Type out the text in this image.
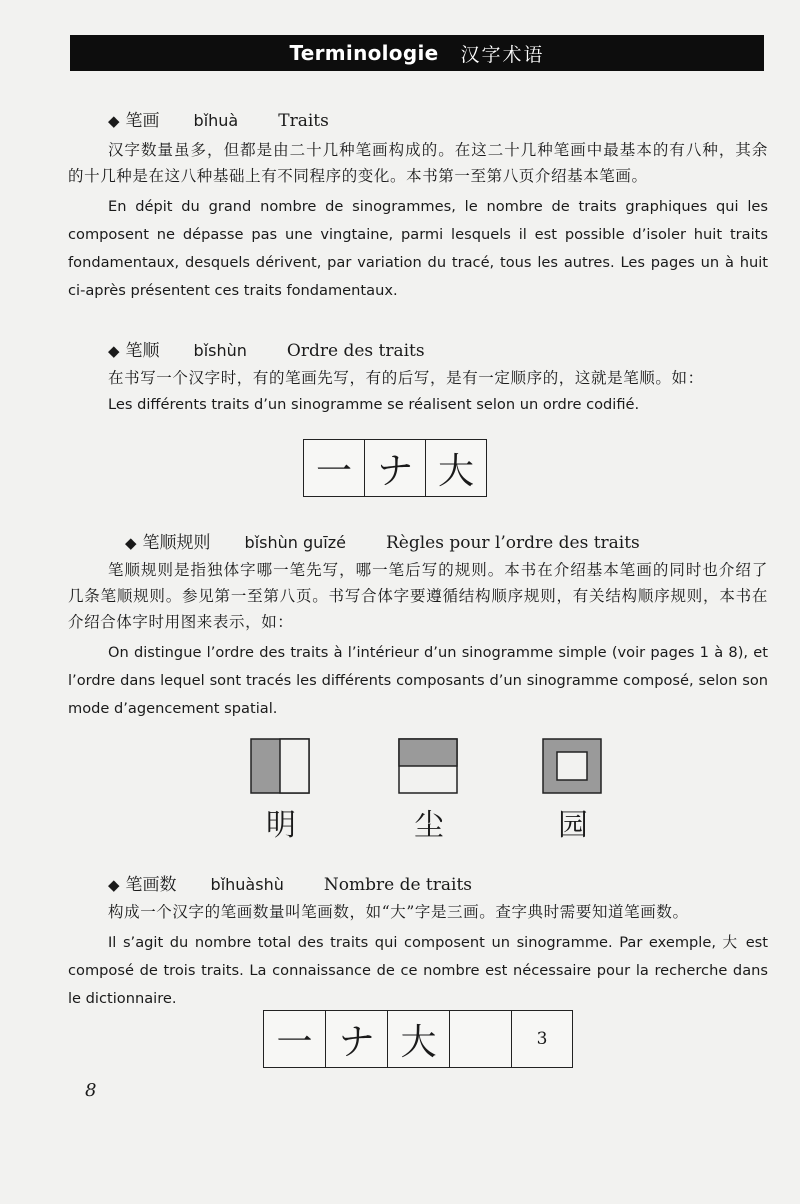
Terminologie 汉字术语
◆ 笔画 bǐhuà Traits

汉字数量虽多，但都是由二十几种笔画构成的。在这二十几种笔画中最基本的有八种，其余的十几种是在这八种基础上有不同程序的变化。本书第一至第八页介绍基本笔画。

En dépit du grand nombre de sinogrammes, le nombre de traits graphiques qui les composent ne dépasse pas une vingtaine, parmi lesquels il est possible d’isoler huit traits fondamentaux, desquels dérivent, par variation du tracé, tous les autres. Les pages un à huit ci-après présentent ces traits fondamentaux.

◆ 笔顺 bǐshùn Ordre des traits

在书写一个汉字时，有的笔画先写，有的后写，是有一定顺序的，这就是笔顺。如：

Les différents traits d’un sinogramme se réalisent selon un ordre codifié.

一 ナ 大
◆ 笔顺规则 bǐshùn guīzé Règles pour l’ordre des traits

笔顺规则是指独体字哪一笔先写，哪一笔后写的规则。本书在介绍基本笔画的同时也介绍了几条笔顺规则。参见第一至第八页。书写合体字要遵循结构顺序规则，有关结构顺序规则，本书在介绍合体字时用图来表示，如：

On distingue l’ordre des traits à l’intérieur d’un sinogramme simple (voir pages 1 à 8), et l’ordre dans lequel sont tracés les différents composants d’un sinogramme composé, selon son mode d’agencement spatial.

明	尘	园
◆ 笔画数 bǐhuàshù Nombre de traits

构成一个汉字的笔画数量叫笔画数，如“大”字是三画。查字典时需要知道笔画数。

Il s’agit du nombre total des traits qui composent un sinogramme. Par exemple, 大 est composé de trois traits. La connaissance de ce nombre est nécessaire pour la recherche dans le dictionnaire.

一 ナ 大	3
8
